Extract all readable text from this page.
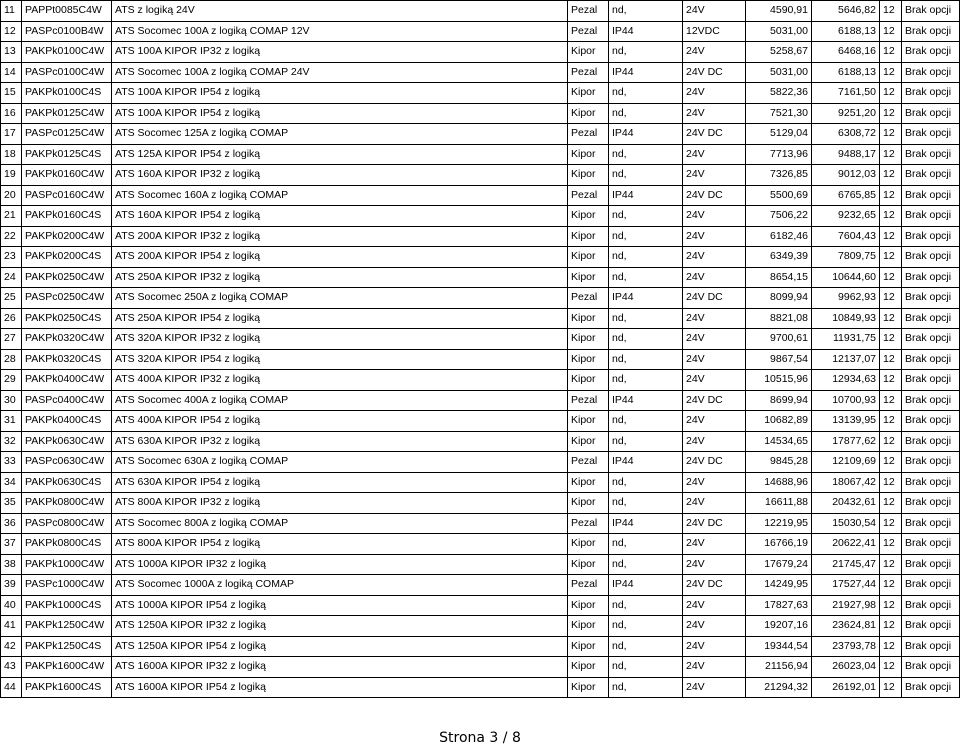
11	PAPPt0085C4W	ATS z logiką 24V	Pezal	nd,	24V	4590,91	5646,82	12	Brak opcji
12	PASPc0100B4W	ATS Socomec 100A z logiką COMAP 12V	Pezal	IP44	12VDC	5031,00	6188,13	12	Brak opcji
13	PAKPk0100C4W	ATS 100A KIPOR IP32 z logiką	Kipor	nd,	24V	5258,67	6468,16	12	Brak opcji
14	PASPc0100C4W	ATS Socomec 100A z logiką COMAP 24V	Pezal	IP44	24V DC	5031,00	6188,13	12	Brak opcji
15	PAKPk0100C4S	ATS 100A KIPOR IP54 z logiką	Kipor	nd,	24V	5822,36	7161,50	12	Brak opcji
16	PAKPk0125C4W	ATS 100A KIPOR IP54 z logiką	Kipor	nd,	24V	7521,30	9251,20	12	Brak opcji
17	PASPc0125C4W	ATS Socomec 125A z logiką COMAP	Pezal	IP44	24V DC	5129,04	6308,72	12	Brak opcji
18	PAKPk0125C4S	ATS 125A KIPOR IP54 z logiką	Kipor	nd,	24V	7713,96	9488,17	12	Brak opcji
19	PAKPk0160C4W	ATS 160A KIPOR IP32 z logiką	Kipor	nd,	24V	7326,85	9012,03	12	Brak opcji
20	PASPc0160C4W	ATS Socomec 160A z logiką COMAP	Pezal	IP44	24V DC	5500,69	6765,85	12	Brak opcji
21	PAKPk0160C4S	ATS 160A KIPOR IP54 z logiką	Kipor	nd,	24V	7506,22	9232,65	12	Brak opcji
22	PAKPk0200C4W	ATS 200A KIPOR IP32 z logiką	Kipor	nd,	24V	6182,46	7604,43	12	Brak opcji
23	PAKPk0200C4S	ATS 200A KIPOR IP54 z logiką	Kipor	nd,	24V	6349,39	7809,75	12	Brak opcji
24	PAKPk0250C4W	ATS 250A KIPOR IP32 z logiką	Kipor	nd,	24V	8654,15	10644,60	12	Brak opcji
25	PASPc0250C4W	ATS Socomec 250A z logiką COMAP	Pezal	IP44	24V DC	8099,94	9962,93	12	Brak opcji
26	PAKPk0250C4S	ATS 250A KIPOR IP54 z logiką	Kipor	nd,	24V	8821,08	10849,93	12	Brak opcji
27	PAKPk0320C4W	ATS 320A KIPOR IP32 z logiką	Kipor	nd,	24V	9700,61	11931,75	12	Brak opcji
28	PAKPk0320C4S	ATS 320A KIPOR IP54 z logiką	Kipor	nd,	24V	9867,54	12137,07	12	Brak opcji
29	PAKPk0400C4W	ATS 400A KIPOR IP32 z logiką	Kipor	nd,	24V	10515,96	12934,63	12	Brak opcji
30	PASPc0400C4W	ATS Socomec 400A z logiką COMAP	Pezal	IP44	24V DC	8699,94	10700,93	12	Brak opcji
31	PAKPk0400C4S	ATS 400A KIPOR IP54 z logiką	Kipor	nd,	24V	10682,89	13139,95	12	Brak opcji
32	PAKPk0630C4W	ATS 630A KIPOR IP32 z logiką	Kipor	nd,	24V	14534,65	17877,62	12	Brak opcji
33	PASPc0630C4W	ATS Socomec 630A z logiką COMAP	Pezal	IP44	24V DC	9845,28	12109,69	12	Brak opcji
34	PAKPk0630C4S	ATS 630A KIPOR IP54 z logiką	Kipor	nd,	24V	14688,96	18067,42	12	Brak opcji
35	PAKPk0800C4W	ATS 800A KIPOR IP32 z logiką	Kipor	nd,	24V	16611,88	20432,61	12	Brak opcji
36	PASPc0800C4W	ATS Socomec 800A z logiką COMAP	Pezal	IP44	24V DC	12219,95	15030,54	12	Brak opcji
37	PAKPk0800C4S	ATS 800A KIPOR IP54 z logiką	Kipor	nd,	24V	16766,19	20622,41	12	Brak opcji
38	PAKPk1000C4W	ATS 1000A KIPOR IP32 z logiką	Kipor	nd,	24V	17679,24	21745,47	12	Brak opcji
39	PASPc1000C4W	ATS Socomec 1000A z logiką COMAP	Pezal	IP44	24V DC	14249,95	17527,44	12	Brak opcji
40	PAKPk1000C4S	ATS 1000A KIPOR IP54 z logiką	Kipor	nd,	24V	17827,63	21927,98	12	Brak opcji
41	PAKPk1250C4W	ATS 1250A KIPOR IP32 z logiką	Kipor	nd,	24V	19207,16	23624,81	12	Brak opcji
42	PAKPk1250C4S	ATS 1250A KIPOR IP54 z logiką	Kipor	nd,	24V	19344,54	23793,78	12	Brak opcji
43	PAKPk1600C4W	ATS 1600A KIPOR IP32 z logiką	Kipor	nd,	24V	21156,94	26023,04	12	Brak opcji
44	PAKPk1600C4S	ATS 1600A KIPOR IP54 z logiką	Kipor	nd,	24V	21294,32	26192,01	12	Brak opcji
Strona 3 / 8
